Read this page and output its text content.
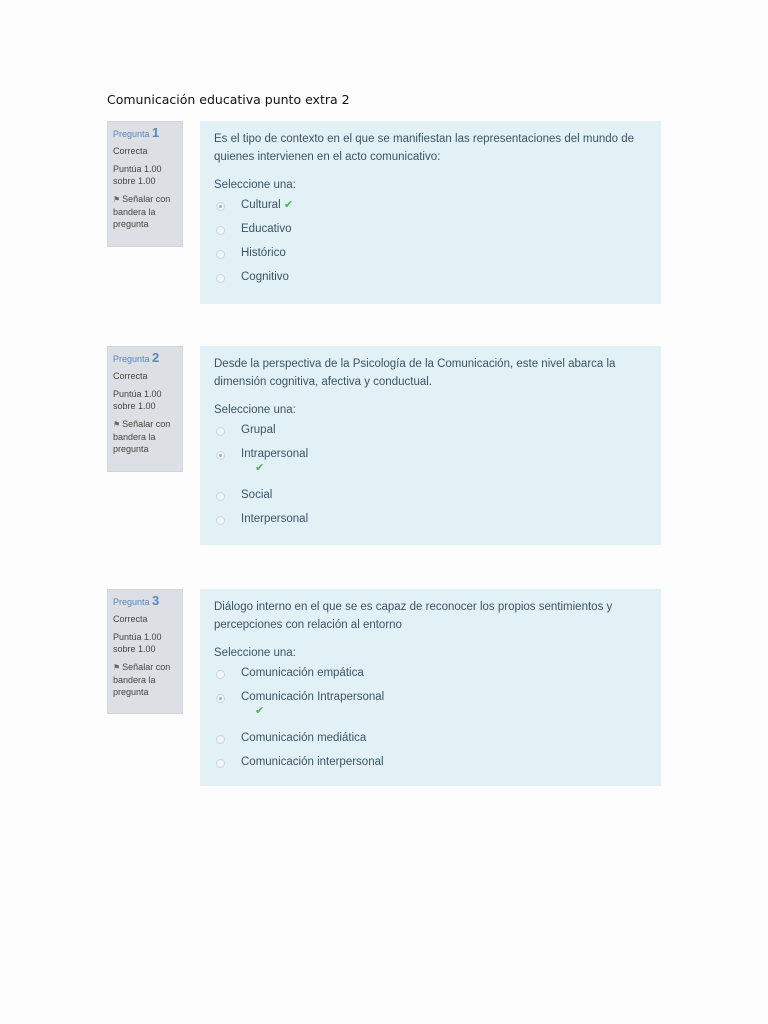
Comunicación educativa punto extra 2
Pregunta 1
Correcta
Puntúa 1.00
sobre 1.00
⚑ Señalar con
bandera la
pregunta
Es el tipo de contexto en el que se manifiestan las representaciones del mundo de quienes intervienen en el acto comunicativo:
Seleccione una:
Cultural ✔
Educativo
Histórico
Cognitivo
Pregunta 2
Correcta
Puntúa 1.00
sobre 1.00
⚑ Señalar con
bandera la
pregunta
Desde la perspectiva de la Psicología de la Comunicación, este nivel abarca la dimensión cognitiva, afectiva y conductual.
Seleccione una:
Grupal
Intrapersonal
✔
Social
Interpersonal
Pregunta 3
Correcta
Puntúa 1.00
sobre 1.00
⚑ Señalar con
bandera la
pregunta
Diálogo interno en el que se es capaz de reconocer los propios sentimientos y percepciones con relación al entorno
Seleccione una:
Comunicación empática
Comunicación Intrapersonal
✔
Comunicación mediática
Comunicación interpersonal
